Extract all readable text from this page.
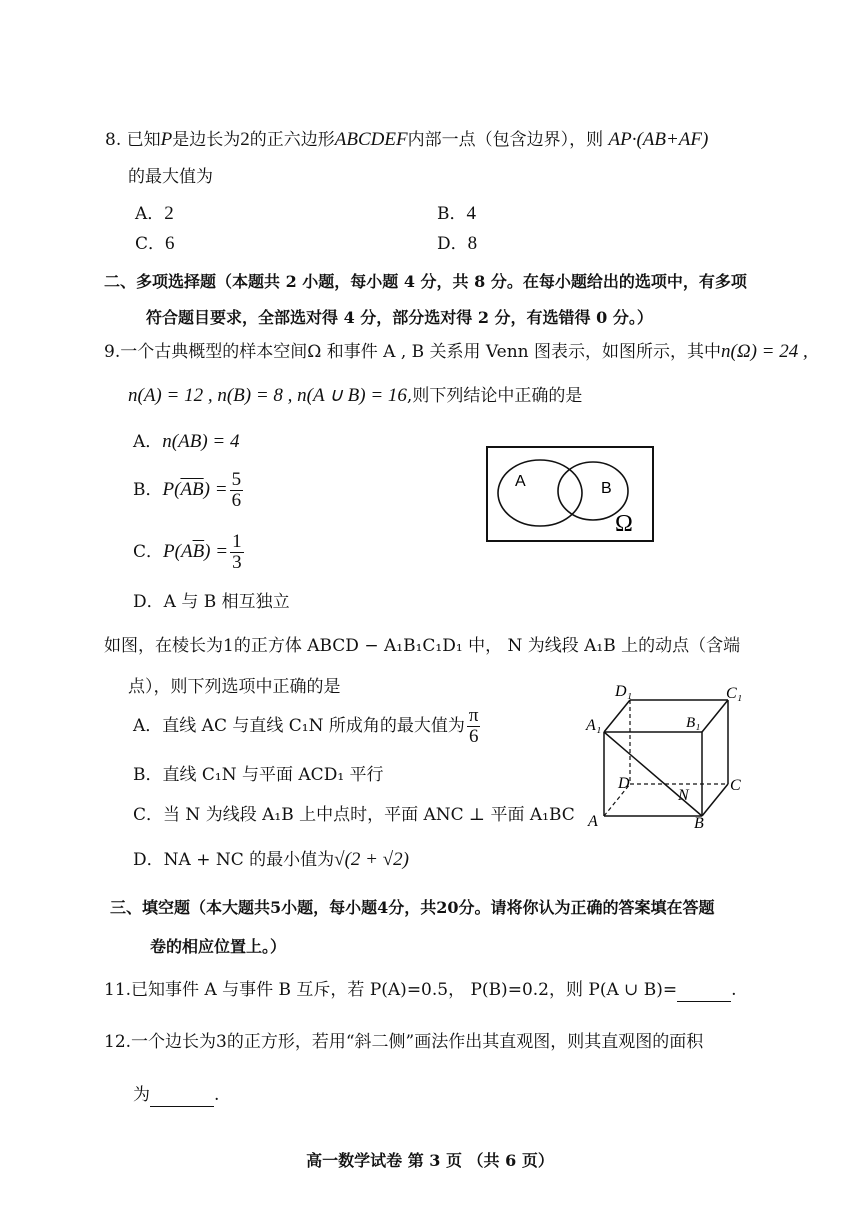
8. 已知P是边长为2的正六边形ABCDEF内部一点（包含边界），则 AP·(AB+AF)
的最大值为
A．2	B．4
C．6	D．8
二、多项选择题（本题共 2 小题，每小题 4 分，共 8 分。在每小题给出的选项中，有多项
符合题目要求，全部选对得 4 分，部分选对得 2 分，有选错得 0 分。）
9.一个古典概型的样本空间Ω 和事件 A , B 关系用 Venn 图表示，如图所示，其中n(Ω) = 24 ,
n(A) = 12 , n(B) = 8 , n(A ∪ B) = 16,则下列结论中正确的是
A．n(AB) = 4
B．$P(\overline{AB}) = \frac{5}{6}$
C．$P(A\overline{B}) = \frac{1}{3}$
D．A 与 B 相互独立
A	B
Ω
如图，在棱长为1的正方体 ABCD − A₁B₁C₁D₁ 中， N 为线段 A₁B 上的动点（含端
点），则下列选项中正确的是
A．直线 AC 与直线 C₁N 所成角的最大值为 $\frac{\pi}{6}$
B．直线 C₁N 与平面 ACD₁ 平行
C．当 N 为线段 A₁B 上中点时，平面 ANC ⊥ 平面 A₁BC
D．NA + NC 的最小值为√(2 + √2)
D₁	C₁
A₁	B₁
D	C
A	B
N
三、填空题（本大题共5小题，每小题4分，共20分。请将你认为正确的答案填在答题
卷的相应位置上。）
11.已知事件 A 与事件 B 互斥，若 P(A)=0.5， P(B)=0.2，则 P(A ∪ B)=	.
12.一个边长为3的正方形，若用“斜二侧”画法作出其直观图，则其直观图的面积
为	.
高一数学试卷 第 3 页 （共 6 页）
